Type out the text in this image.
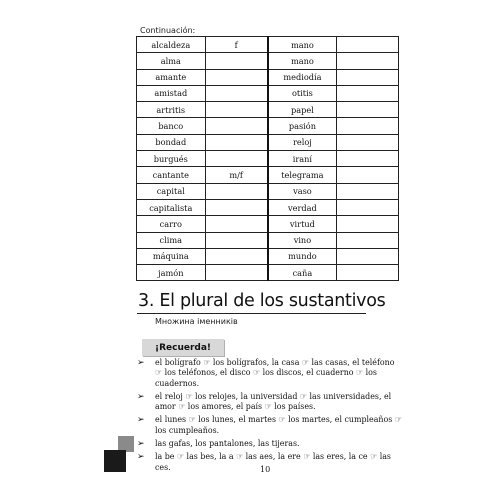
Continuación:
alcaldeza	f	mano	
alma		mano	
amante		mediodía	
amistad		otitis	
artritis		papel	
banco		pasión	
bondad		reloj	
burgués		iraní	
cantante	m/f	telegrama	
capital		vaso	
capitalista		verdad	
carro		virtud	
clima		vino	
máquina		mundo	
jamón		caña	
3. El plural de los sustantivos
Множина іменників
¡Recuerda!
➢	el bolígrafo ☞ los bolígrafos, la casa ☞ las casas, el teléfono ☞ los teléfonos, el disco ☞ los discos, el cuaderno ☞ los cuadernos.
➢	el reloj ☞ los relojes, la universidad ☞ las universidades, el amor ☞ los amores, el país ☞ los países.
➢	el lunes ☞ los lunes, el martes ☞ los martes, el cumpleaños ☞ los cumpleaños.
➢	las gafas, los pantalones, las tijeras.
➢	la be ☞ las bes, la a ☞ las aes, la ere ☞ las eres, la ce ☞ las ces.	10
